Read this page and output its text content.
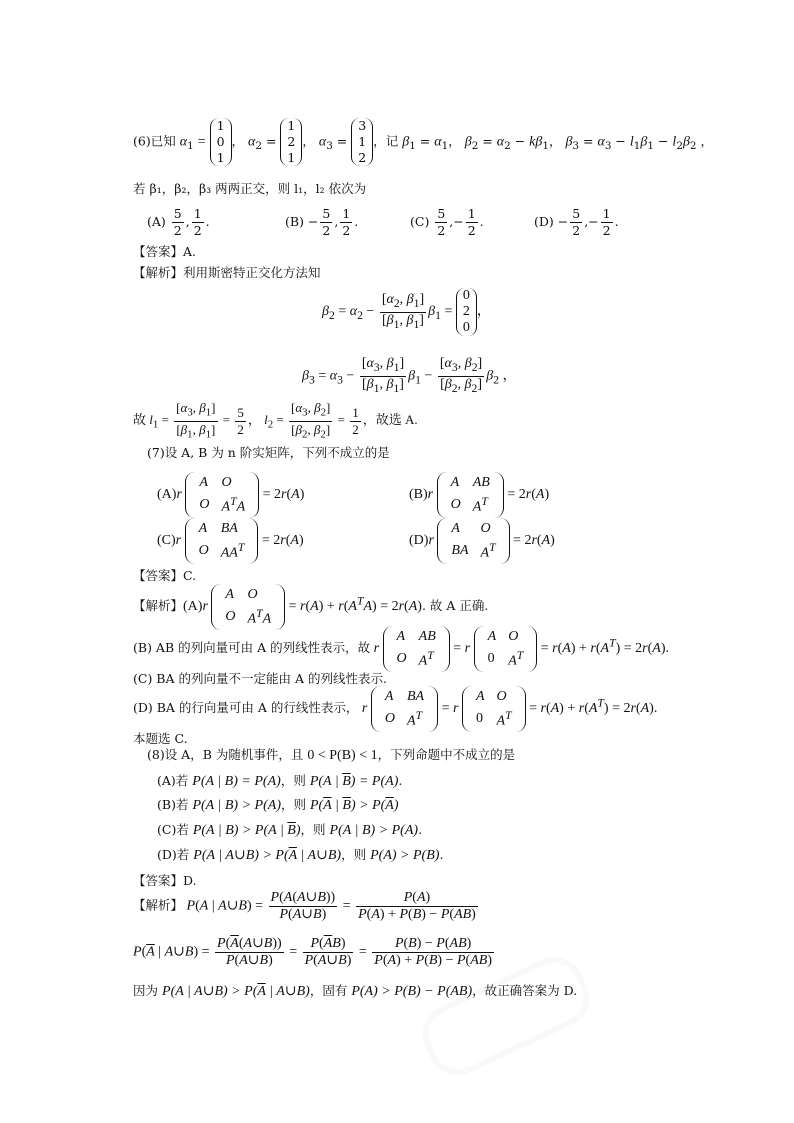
(6)已知 $\alpha_1 = 1$
0
1， $\alpha_2 = 1$
2
1， $\alpha_3 = 3$
1
2，记 $\beta_1 = \alpha_1$， $\beta_2 = \alpha_2 - k\beta_1$， $\beta_3 = \alpha_3 - l_1\beta_1 - l_2\beta_2$ ，
若 β₁，β₂，β₃ 两两正交，则 l₁，l₂ 依次为
$(A) \frac{5}{2}$ , $\frac{1}{2}$ .	$(B) - \frac{5}{2}$ , $\frac{1}{2}$ .	$(C) \frac{5}{2}$ ,− $\frac{1}{2}$ .	$(D) - \frac{5}{2}$ ,− $\frac{1}{2}$ .
【答案】A.
【解析】利用斯密特正交化方法知
$\beta_2 = \alpha_2 - \frac{[\alpha_2, \beta_1]}{[\beta_1, \beta_1]} \beta_1 = 0$
2
0，
$\beta_3 = \alpha_3 - \frac{[\alpha_3, \beta_1]}{[\beta_1, \beta_1]} \beta_1 - \frac{[\alpha_3, \beta_2]}{[\beta_2, \beta_2]} \beta_2$ ，
故 $l_1 = \frac{[\alpha_3, \beta_1]}{[\beta_1, \beta_1]} = \frac{5}{2}$ ， $l_2 = \frac{[\alpha_3, \beta_2]}{[\beta_2, \beta_2]} = \frac{1}{2}$ ，故选 A.
(7)设 A, B 为 n 阶实矩阵，下列不成立的是
(A)r
A	O
O	$A^TA$
= 2r(A)	(B)r
A	AB
O	$A^T = 2r(A)$
(C)r
A	BA
O	$AA^T = 2r(A)$	(D)r
A	O
BA	$A^T = 2r(A)$
【答案】C.
【解析】(A)r
A	O
O	$A^TA$
= $r(A) + r(A^TA) = 2r(A)$. 故 A 正确.
(B) AB 的列向量可由 A 的列线性表示，故 r
A	AB
O	$A^T = r$
A	O
0	$A^T = r(A) + r(A^T) = 2r(A)$.
(C) BA 的列向量不一定能由 A 的列线性表示.
(D) BA 的行向量可由 A 的行线性表示， r
A	BA
O	$A^T = r$
A	O
0	$A^T = r(A) + r(A^T) = 2r(A)$.
本题选 C.
(8)设 A，B 为随机事件，且 0 < P(B) < 1，下列命题中不成立的是
(A)若 P(A | B) = P(A)，则 P(A | $\overline{B}) = P(A)$.
(B)若 P(A | B) > P(A)，则 $P(\overline{A}$ | $\overline{B}) > P(\overline{A})$
(C)若 P(A | B) > P(A | $\overline{B}$)，则 P(A | B) > P(A).
(D)若 P(A | A∪B) > $P(\overline{A}$ | A∪B)，则 P(A) > P(B).
【答案】D.
【解析】 P(A | A∪B) = $\frac{P(A(A\cup B))}{P(A\cup B)} = \frac{P(A)}{P(A) + P(B) - P(AB)}$
$P(\overline{A}$ | A∪B) = $\frac{P(\overline{A}(A\cup B))}{P(A\cup B)} = \frac{P(\overline{A}B)}{P(A\cup B)} = \frac{P(B) - P(AB)}{P(A) + P(B) - P(AB)}$
因为 P(A | A∪B) > $P(\overline{A}$ | A∪B)，固有 P(A) > P(B) − P(AB)，故正确答案为 D.
